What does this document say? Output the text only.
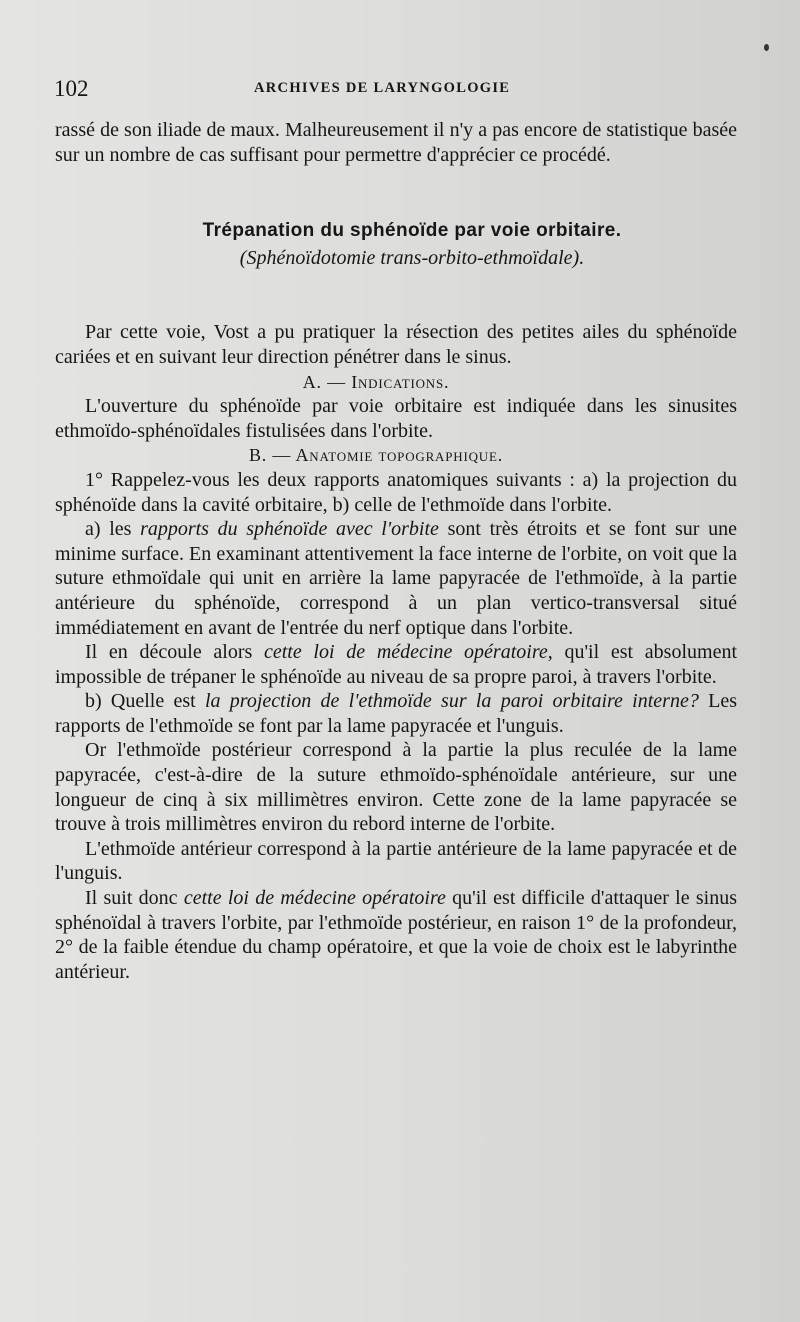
102	ARCHIVES DE LARYNGOLOGIE

rassé de son iliade de maux. Malheureusement il n'y a pas encore de statistique basée sur un nombre de cas suffisant pour permettre d'apprécier ce procédé.

Trépanation du sphénoïde par voie orbitaire.
(Sphénoïdotomie trans-orbito-ethmoïdale).

Par cette voie, Vost a pu pratiquer la résection des petites ailes du sphénoïde cariées et en suivant leur direction pénétrer dans le sinus.

A. — Indications.

L'ouverture du sphénoïde par voie orbitaire est indiquée dans les sinusites ethmoïdo-sphénoïdales fistulisées dans l'orbite.

B. — Anatomie topographique.

1° Rappelez-vous les deux rapports anatomiques suivants : a) la projection du sphénoïde dans la cavité orbitaire, b) celle de l'ethmoïde dans l'orbite.

a) les rapports du sphénoïde avec l'orbite sont très étroits et se font sur une minime surface. En examinant attentivement la face interne de l'orbite, on voit que la suture ethmoïdale qui unit en arrière la lame papyracée de l'ethmoïde, à la partie antérieure du sphénoïde, correspond à un plan vertico-transversal situé immédiatement en avant de l'entrée du nerf optique dans l'orbite.

Il en découle alors cette loi de médecine opératoire, qu'il est absolument impossible de trépaner le sphénoïde au niveau de sa propre paroi, à travers l'orbite.

b) Quelle est la projection de l'ethmoïde sur la paroi orbitaire interne? Les rapports de l'ethmoïde se font par la lame papyracée et l'unguis.

Or l'ethmoïde postérieur correspond à la partie la plus reculée de la lame papyracée, c'est-à-dire de la suture ethmoïdo-sphénoïdale antérieure, sur une longueur de cinq à six millimètres environ. Cette zone de la lame papyracée se trouve à trois millimètres environ du rebord interne de l'orbite.

L'ethmoïde antérieur correspond à la partie antérieure de la lame papyracée et de l'unguis.

Il suit donc cette loi de médecine opératoire qu'il est difficile d'attaquer le sinus sphénoïdal à travers l'orbite, par l'ethmoïde postérieur, en raison 1° de la profondeur, 2° de la faible étendue du champ opératoire, et que la voie de choix est le labyrinthe antérieur.
